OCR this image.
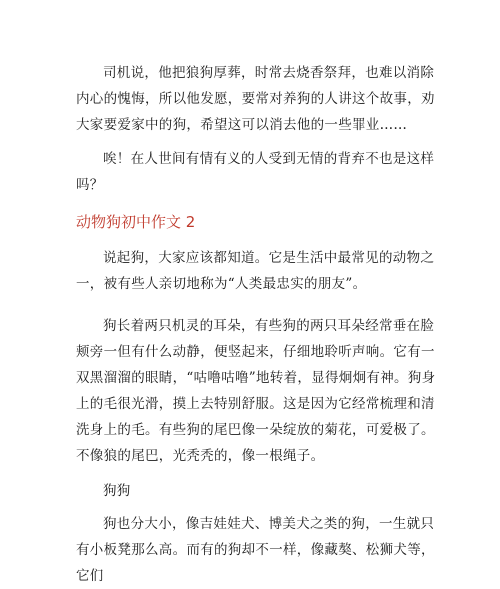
司机说，他把狼狗厚葬，时常去烧香祭拜，也难以消除内心的愧悔，所以他发愿，要常对养狗的人讲这个故事，劝大家要爱家中的狗，希望这可以消去他的一些罪业……

唉！在人世间有情有义的人受到无情的背弃不也是这样吗？

动物狗初中作文 2

说起狗，大家应该都知道。它是生活中最常见的动物之一，被有些人亲切地称为“人类最忠实的朋友”。

狗长着两只机灵的耳朵，有些狗的两只耳朵经常垂在脸颊旁一但有什么动静，便竖起来，仔细地聆听声响。它有一双黑溜溜的眼睛，“咕噜咕噜”地转着，显得炯炯有神。狗身上的毛很光滑，摸上去特别舒服。这是因为它经常梳理和清洗身上的毛。有些狗的尾巴像一朵绽放的菊花，可爱极了。不像狼的尾巴，光秃秃的，像一根绳子。

狗狗

狗也分大小，像吉娃娃犬、博美犬之类的狗，一生就只有小板凳那么高。而有的狗却不一样，像藏獒、松狮犬等，它们
